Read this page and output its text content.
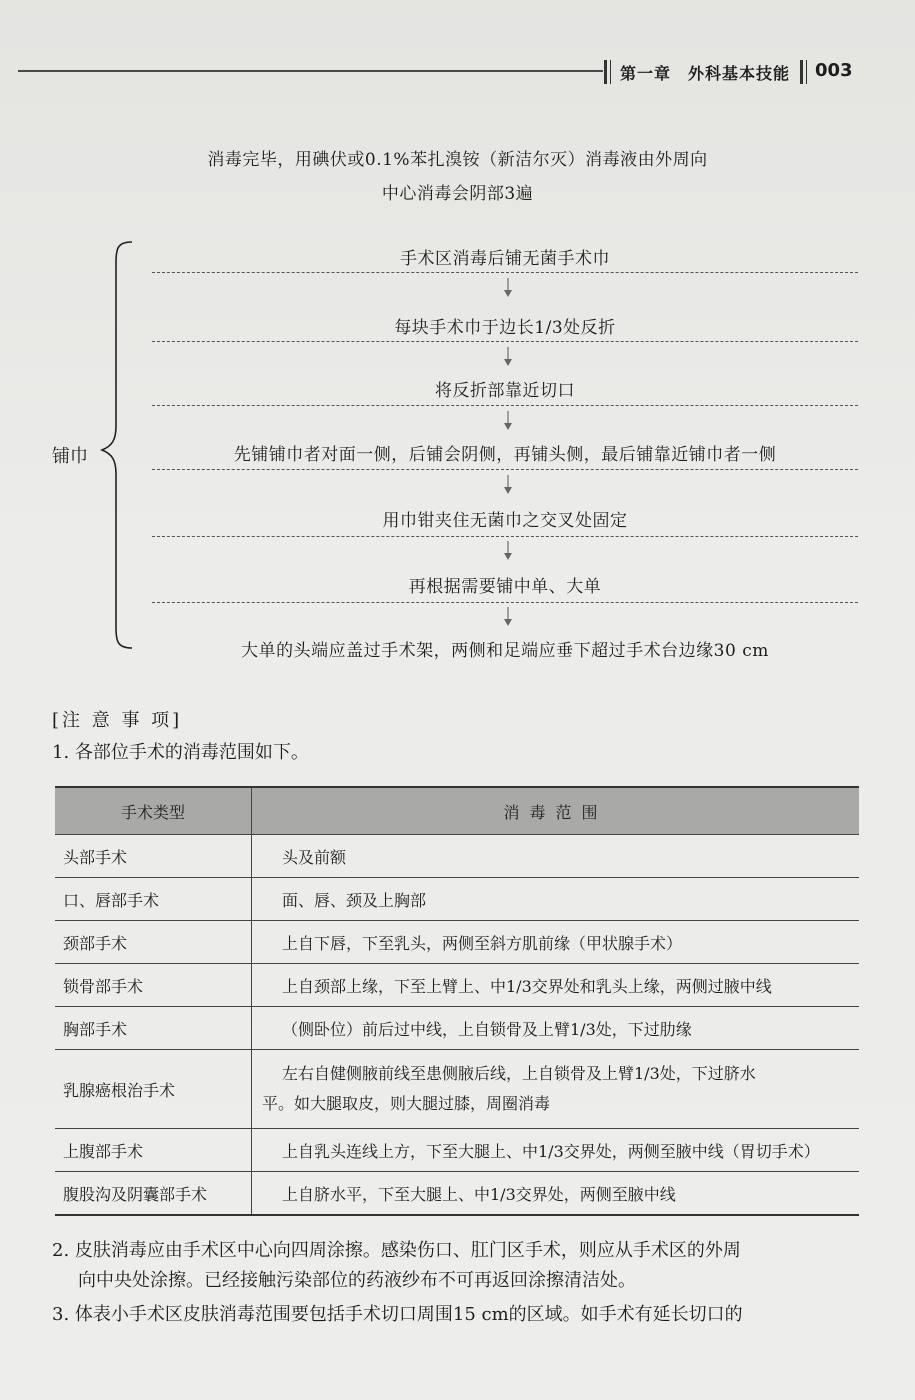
第一章　外科基本技能 003
消毒完毕，用碘伏或0.1%苯扎溴铵（新洁尔灭）消毒液由外周向
中心消毒会阴部3遍
铺巾
手术区消毒后铺无菌手术巾
每块手术巾于边长1/3处反折
将反折部靠近切口
先铺铺巾者对面一侧，后铺会阴侧，再铺头侧，最后铺靠近铺巾者一侧
用巾钳夹住无菌巾之交叉处固定
再根据需要铺中单、大单
大单的头端应盖过手术架，两侧和足端应垂下超过手术台边缘30 cm
[注 意 事 项]
1. 各部位手术的消毒范围如下。
手术类型	消毒范围
头部手术	头及前额
口、唇部手术	面、唇、颈及上胸部
颈部手术	上自下唇，下至乳头，两侧至斜方肌前缘（甲状腺手术）
锁骨部手术	上自颈部上缘，下至上臂上、中1/3交界处和乳头上缘，两侧过腋中线
胸部手术	（侧卧位）前后过中线，上自锁骨及上臂1/3处，下过肋缘
乳腺癌根治手术	左右自健侧腋前线至患侧腋后线，上自锁骨及上臂1/3处，下过脐水
平。如大腿取皮，则大腿过膝，周圈消毒

上腹部手术	上自乳头连线上方，下至大腿上、中1/3交界处，两侧至腋中线（胃切手术）
腹股沟及阴囊部手术	上自脐水平，下至大腿上、中1/3交界处，两侧至腋中线
2. 皮肤消毒应由手术区中心向四周涂擦。感染伤口、肛门区手术，则应从手术区的外周
向中央处涂擦。已经接触污染部位的药液纱布不可再返回涂擦清洁处。
3. 体表小手术区皮肤消毒范围要包括手术切口周围15 cm的区域。如手术有延长切口的
